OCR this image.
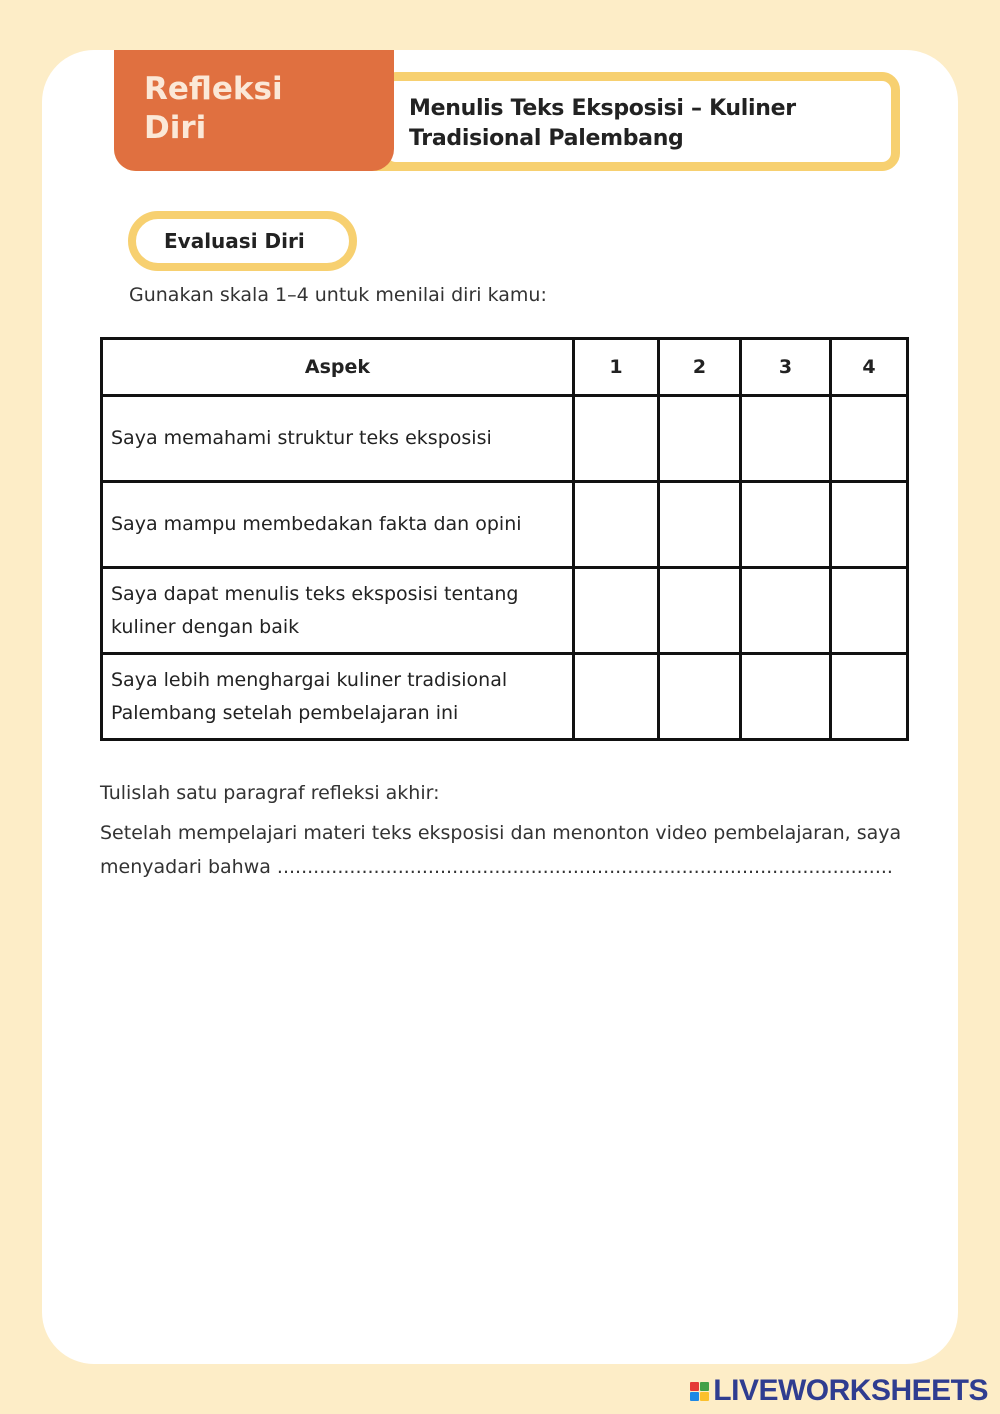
Refleksi
Diri
Menulis Teks Eksposisi – Kuliner Tradisional Palembang
Evaluasi Diri
Gunakan skala 1–4 untuk menilai diri kamu:
Aspek	1	2	3	4
Saya memahami struktur teks eksposisi				
Saya mampu membedakan fakta dan opini				
Saya dapat menulis teks eksposisi tentang kuliner dengan baik				
Saya lebih menghargai kuliner tradisional Palembang setelah pembelajaran ini				
Tulislah satu paragraf refleksi akhir:
Setelah mempelajari materi teks eksposisi dan menonton video pembelajaran, saya menyadari bahwa ......................................................................................................
LIVEWORKSHEETS
